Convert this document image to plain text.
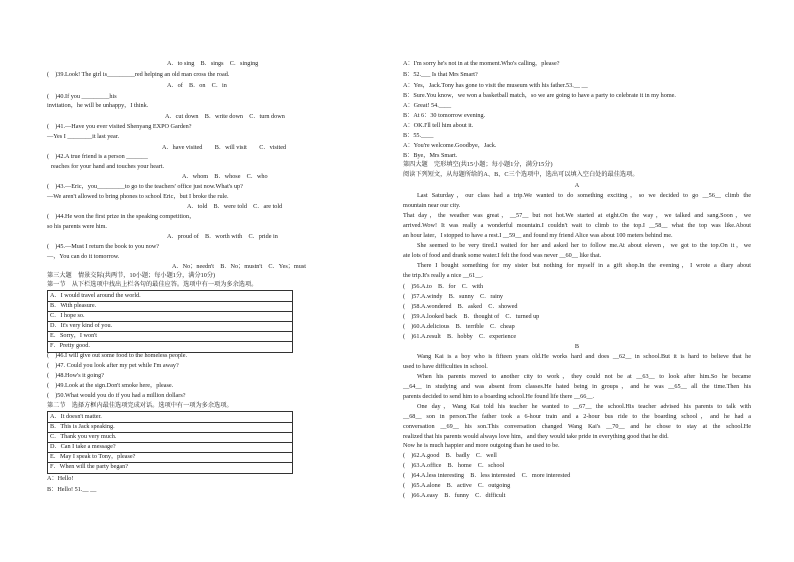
A．to sing　B．sings　C．singing
(　)39.Look! The girl is_________red helping an old man cross the road.
A．of　B．on　C．in
(　)40.If you _________his
invitation，he will be unhappy，I think.
A．cut down　B．write down　C．turn down
(　)41.—Have you ever visited Shenyang EXPO Garden?
—Yes I ________it last year.
A．have visited　　B．will visit　　C．visited
(　)42.A true friend is a person _______
reaches for your hand and touches your heart.
A．whom　B．whose　C．who
(　)43.—Eric，you_________to go to the teachers' office just now.What's up?
—We aren't allowed to bring phones to school Eric，but I broke the rule.
A．told　B．were told　C．are told
(　)44.He won the first prize in the speaking competition，
so his parents were him.
A．proud of　B．worth with　C．pride in
(　)45.—Must I return the book to you now?
—，You can do it tomorrow.
A．No；needn't　B．No；mustn't　C．Yes；must
第三大题　情景交际(共两节，10小题；每小题1分，满分10分)
第一节　从下栏选项中找出上栏各句的最佳应答。选项中有一项为多余选项。
A．I would travel around the world.
B．With pleasure.
C．I hope so.
D．It's very kind of you.
E．Sorry，I won't
F．Pretty good.
(　)46.I will give out some food to the homeless people.
(　)47. Could you look after my pet while I'm away?
(　)48.How's it going?
(　)49.Look at the sign.Don't smoke here，please.
(　)50.What would you do if you had a million dollars?
第二节　选择方框内最佳选项完成对话。选项中有一项为多余选项。
A．It doesn't matter.
B．This is Jack speaking.
C．Thank you very much.
D．Can I take a message?
E．May I speak to Tony，please?
F．When will the party began?
A：Hello!
B：Hello! 51.__ __
A：I'm sorry he's not in at the moment.Who's calling，please?
B：52.___ Is that Mrs Smart?
A：Yes，Jack.Tony has gone to visit the museum with his father.53.__ __
B：Sure.You know，we won a basketball match，so we are going to have a party to celebrate it in my home.
A：Great! 54.____
B：At 6：30 tomorrow evening.
A：OK.I'll tell him about it.
B：55.____
A：You're welcome.Goodbye，Jack.
B：Bye，Mrs Smart.
第四大题　完形填空(共15小题；每小题1分，满分15分)
阅读下列短文，从每题所给的A、B、C三个选项中，选出可以填入空白处的最佳选项。
A
Last Saturday，our class had a trip.We wanted to do something exciting，so we decided to go __56__ climb the
mountain near our city.
That day，the weather was great，__57__ but not hot.We started at eight.On the way，we talked and sang.Soon，we
arrived.Wow! It was really a wonderful mountain.I couldn't wait to climb to the top.I __58__ what the top was like.About
an hour later，I stopped to have a rest.I __59__ and found my friend Alice was about 100 meters behind me.
She seemed to be very tired.I waited for her and asked her to follow me.At about eleven，we got to the top.On it，we
ate lots of food and drank some water.I felt the food was never __60__ like that.
There I bought something for my sister but nothing for myself in a gift shop.In the evening，I wrote a diary about
the trip.It's really a nice __61__.
(　)56.A.to　B．for　C．with
(　)57.A.windy　B．sunny　C．rainy
(　)58.A.wondered　B．asked　C．showed
(　)59.A.looked back　B．thought of　C．turned up
(　)60.A.delicious　B．terrible　C．cheap
(　)61.A.result　B．hobby　C．experience
B
Wang Kai is a boy who is fifteen years old.He works hard and does __62__ in school.But it is hard to believe that he
used to have difficulties in school.
When his parents moved to another city to work，they could not be at __63__ to look after him.So he became
__64__ in studying and was absent from classes.He hated being in groups，and he was __65__ all the time.Then his
parents decided to send him to a boarding school.He found life there __66__.
One day，Wang Kai told his teacher he wanted to __67__ the school.His teacher advised his parents to talk with
__68__ son in person.The father took a 6-hour train and a 2-hour bus ride to the boarding school，and he had a
conversation __69__ his son.This conversation changed Wang Kai's __70__ and he chose to stay at the school.He
realized that his parents would always love him，and they would take pride in everything good that he did.
Now he is much happier and more outgoing than he used to be.
(　)62.A.good　B．badly　C．well
(　)63.A.office　B．home　C．school
(　)64.A.less interesting　B．less interested　C．more interested
(　)65.A.alone　B．active　C．outgoing
(　)66.A.easy　B．funny　C．difficult
